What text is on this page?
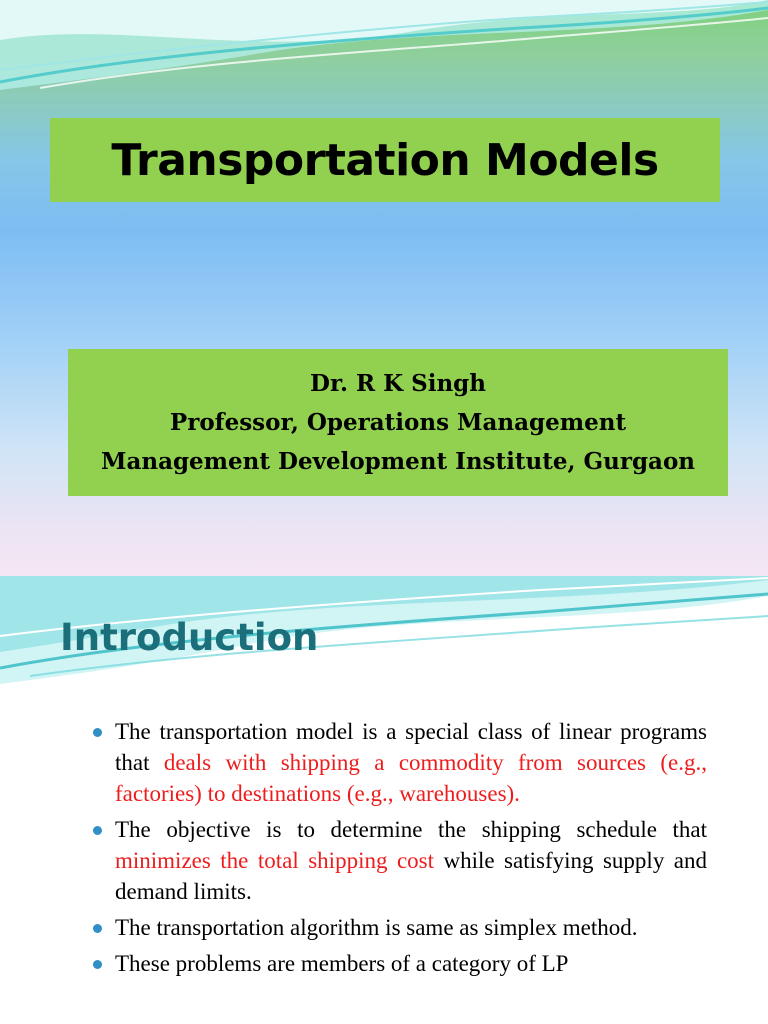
Transportation Models
Dr. R K Singh
Professor, Operations Management
Management Development Institute, Gurgaon
Introduction
The transportation model is a special class of linear programs that deals with shipping a commodity from sources (e.g., factories) to destinations (e.g., warehouses).
The objective is to determine the shipping schedule that minimizes the total shipping cost while satisfying supply and demand limits.
The transportation algorithm is same as simplex method.
These problems are members of a category of LP
